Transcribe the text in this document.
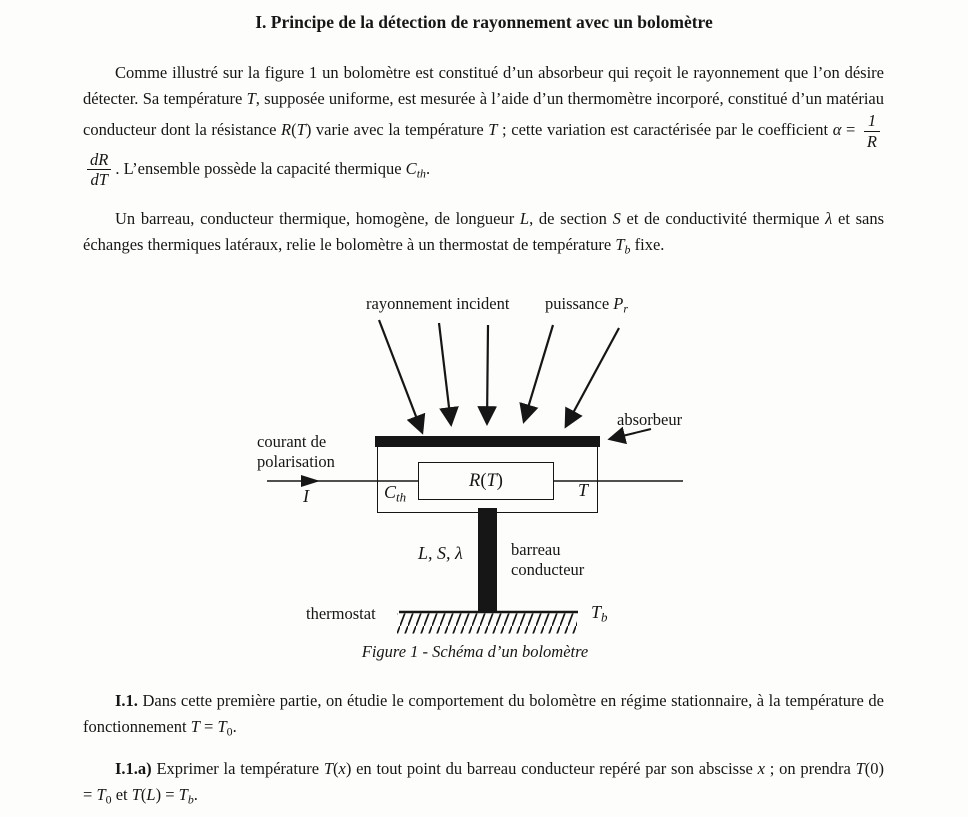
I. Principe de la détection de rayonnement avec un bolomètre

Comme illustré sur la figure 1 un bolomètre est constitué d’un absorbeur qui reçoit le rayonnement que l’on désire détecter. Sa température T, supposée uniforme, est mesurée à l’aide d’un thermomètre incorporé, constitué d’un matériau conducteur dont la résistance R(T) varie avec la température T ; cette variation est caractérisée par le coefficient $\alpha = \frac{1}{R}$
$\frac{dR}{dT}$ . L’ensemble possède la capacité thermique $C_{th}$.

Un barreau, conducteur thermique, homogène, de longueur L, de section S et de conductivité thermique λ et sans échanges thermiques latéraux, relie le bolomètre à un thermostat de température $T_b$ fixe.

rayonnement incident puissance $P_r$
absorbeur
courant de
polarisation
R(T)
I	$C_{th}$	T
L, S, λ	barreau
conducteur
thermostat	$T_b$
Figure 1 - Schéma d’un bolomètre

I.1. Dans cette première partie, on étudie le comportement du bolomètre en régime stationnaire, à la température de fonctionnement $T = T_0$.

I.1.a) Exprimer la température T(x) en tout point du barreau conducteur repéré par son abscisse x ; on prendra $T(0) = T_0$ et $T(L) = T_b$.
